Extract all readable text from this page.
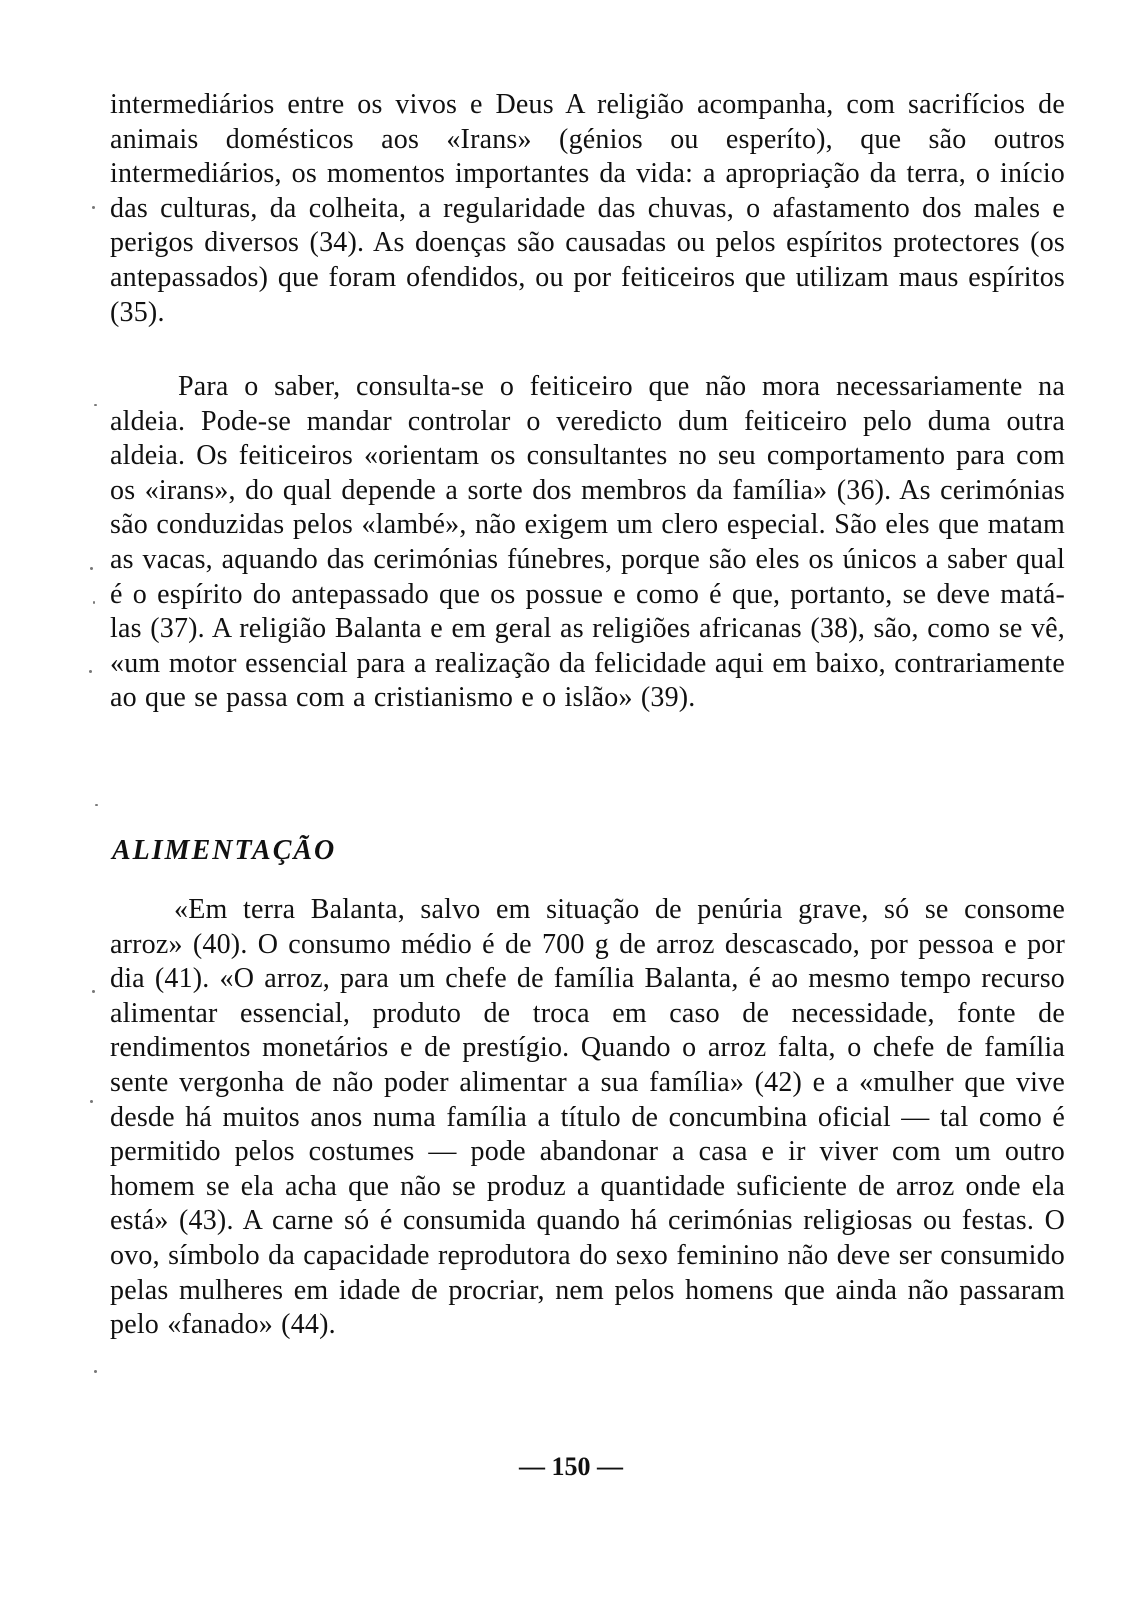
intermediários entre os vivos e Deus A religião acompanha, com sacrifícios de animais domésticos aos «Irans» (génios ou esperíto), que são outros intermediários, os momentos importantes da vida: a apropriação da terra, o início das culturas, da colheita, a regularidade das chuvas, o afastamento dos males e perigos diversos (34). As doenças são causadas ou pelos espíritos protectores (os antepassados) que foram ofendidos, ou por feiticeiros que utilizam maus espíritos (35).

Para o saber, consulta-se o feiticeiro que não mora necessariamente na aldeia. Pode-se mandar controlar o veredicto dum feiticeiro pelo duma outra aldeia. Os feiticeiros «orientam os consultantes no seu comportamento para com os «irans», do qual depende a sorte dos membros da família» (36). As cerimónias são conduzidas pelos «lambé», não exigem um clero especial. São eles que matam as vacas, aquando das cerimónias fúnebres, porque são eles os únicos a saber qual é o espírito do antepassado que os possue e como é que, portanto, se deve matá-las (37). A religião Balanta e em geral as religiões africanas (38), são, como se vê, «um motor essencial para a realização da felicidade aqui em baixo, contrariamente ao que se passa com a cristianismo e o islão» (39).

ALIMENTAÇÃO

«Em terra Balanta, salvo em situação de penúria grave, só se consome arroz» (40). O consumo médio é de 700 g de arroz descascado, por pessoa e por dia (41). «O arroz, para um chefe de família Balanta, é ao mesmo tempo recurso alimentar essencial, produto de troca em caso de necessidade, fonte de rendimentos monetários e de prestígio. Quando o arroz falta, o chefe de família sente vergonha de não poder alimentar a sua família» (42) e a «mulher que vive desde há muitos anos numa família a título de concumbina oficial — tal como é permitido pelos costumes — pode abandonar a casa e ir viver com um outro homem se ela acha que não se produz a quantidade suficiente de arroz onde ela está» (43). A carne só é consumida quando há cerimónias religiosas ou festas. O ovo, símbolo da capacidade reprodutora do sexo feminino não deve ser consumido pelas mulheres em idade de procriar, nem pelos homens que ainda não passaram pelo «fanado» (44).

— 150 —
